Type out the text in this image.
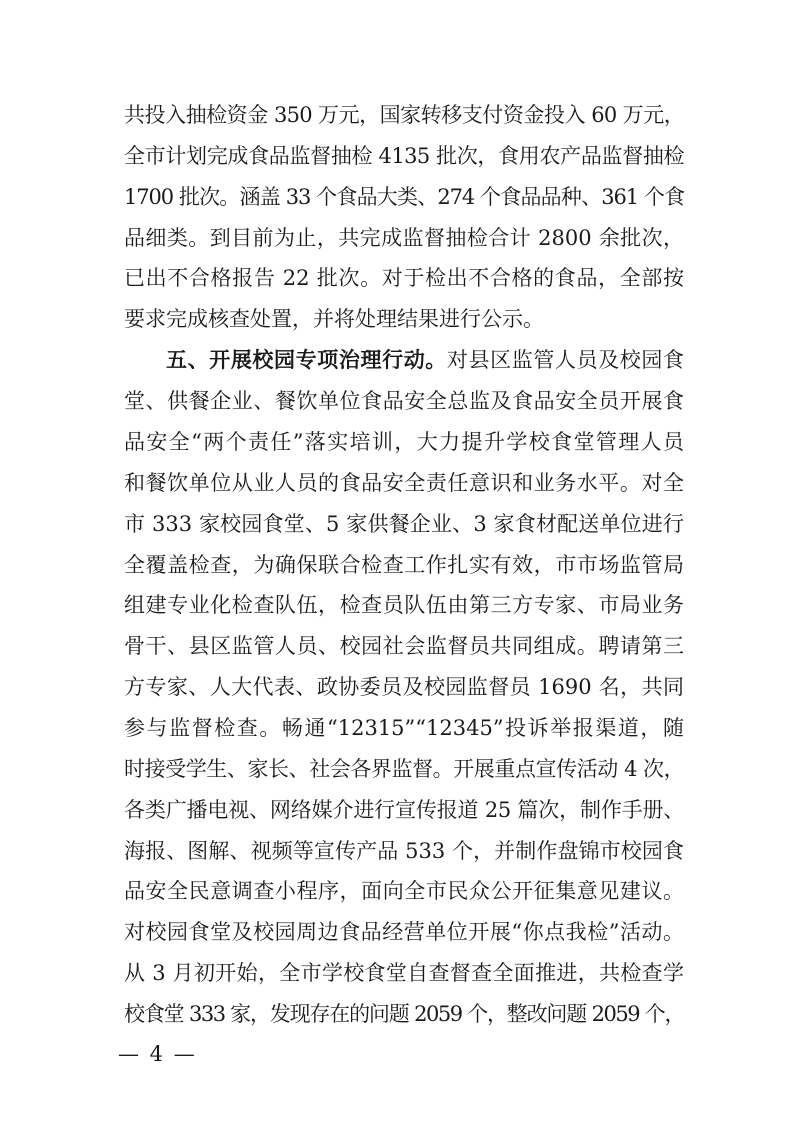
共投入抽检资金 350 万元，国家转移支付资金投入 60 万元，
全市计划完成食品监督抽检 4135 批次，食用农产品监督抽检
1700 批次。涵盖 33 个食品大类、274 个食品品种、361 个食
品细类。到目前为止，共完成监督抽检合计 2800 余批次，
已出不合格报告 22 批次。对于检出不合格的食品，全部按
要求完成核查处置，并将处理结果进行公示。
五、开展校园专项治理行动。对县区监管人员及校园食
堂、供餐企业、餐饮单位食品安全总监及食品安全员开展食
品安全“两个责任”落实培训，大力提升学校食堂管理人员
和餐饮单位从业人员的食品安全责任意识和业务水平。对全
市 333 家校园食堂、5 家供餐企业、3 家食材配送单位进行
全覆盖检查，为确保联合检查工作扎实有效，市市场监管局
组建专业化检查队伍，检查员队伍由第三方专家、市局业务
骨干、县区监管人员、校园社会监督员共同组成。聘请第三
方专家、人大代表、政协委员及校园监督员 1690 名，共同
参与监督检查。畅通“12315”“12345”投诉举报渠道，随
时接受学生、家长、社会各界监督。开展重点宣传活动 4 次，
各类广播电视、网络媒介进行宣传报道 25 篇次，制作手册、
海报、图解、视频等宣传产品 533 个，并制作盘锦市校园食
品安全民意调查小程序，面向全市民众公开征集意见建议。
对校园食堂及校园周边食品经营单位开展“你点我检”活动。
从 3 月初开始，全市学校食堂自查督查全面推进，共检查学
校食堂 333 家，发现存在的问题 2059 个，整改问题 2059 个，
— 4 —
